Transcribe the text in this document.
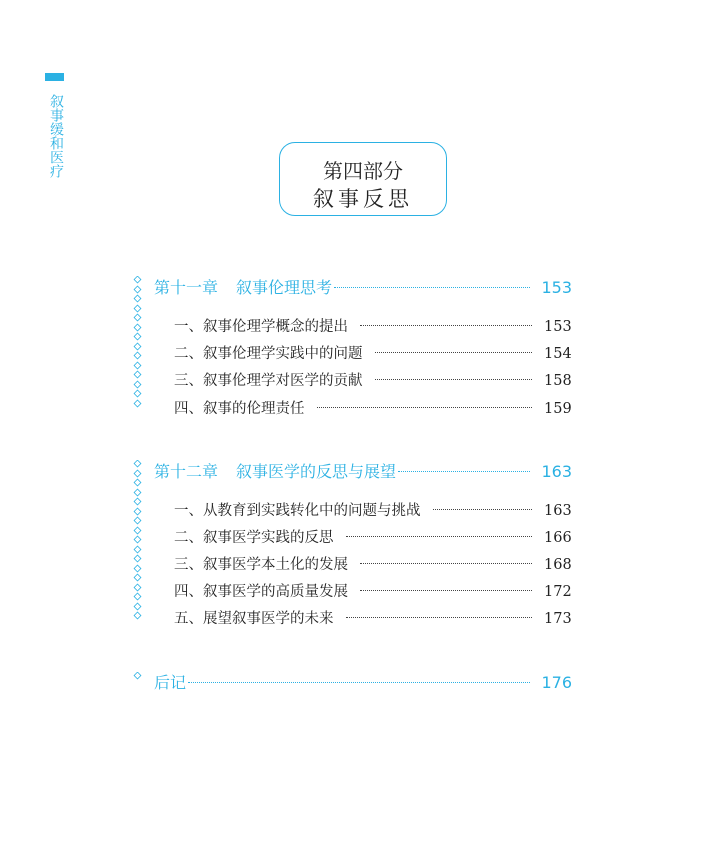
叙事缓和医疗	第四部分
叙事反思
第十一章 叙事伦理思考	153
一、叙事伦理学概念的提出	153
二、叙事伦理学实践中的问题	154
三、叙事伦理学对医学的贡献	158
四、叙事的伦理责任	159
第十二章 叙事医学的反思与展望	163
一、从教育到实践转化中的问题与挑战	163
二、叙事医学实践的反思	166
三、叙事医学本土化的发展	168
四、叙事医学的高质量发展	172
五、展望叙事医学的未来	173
后记	176
